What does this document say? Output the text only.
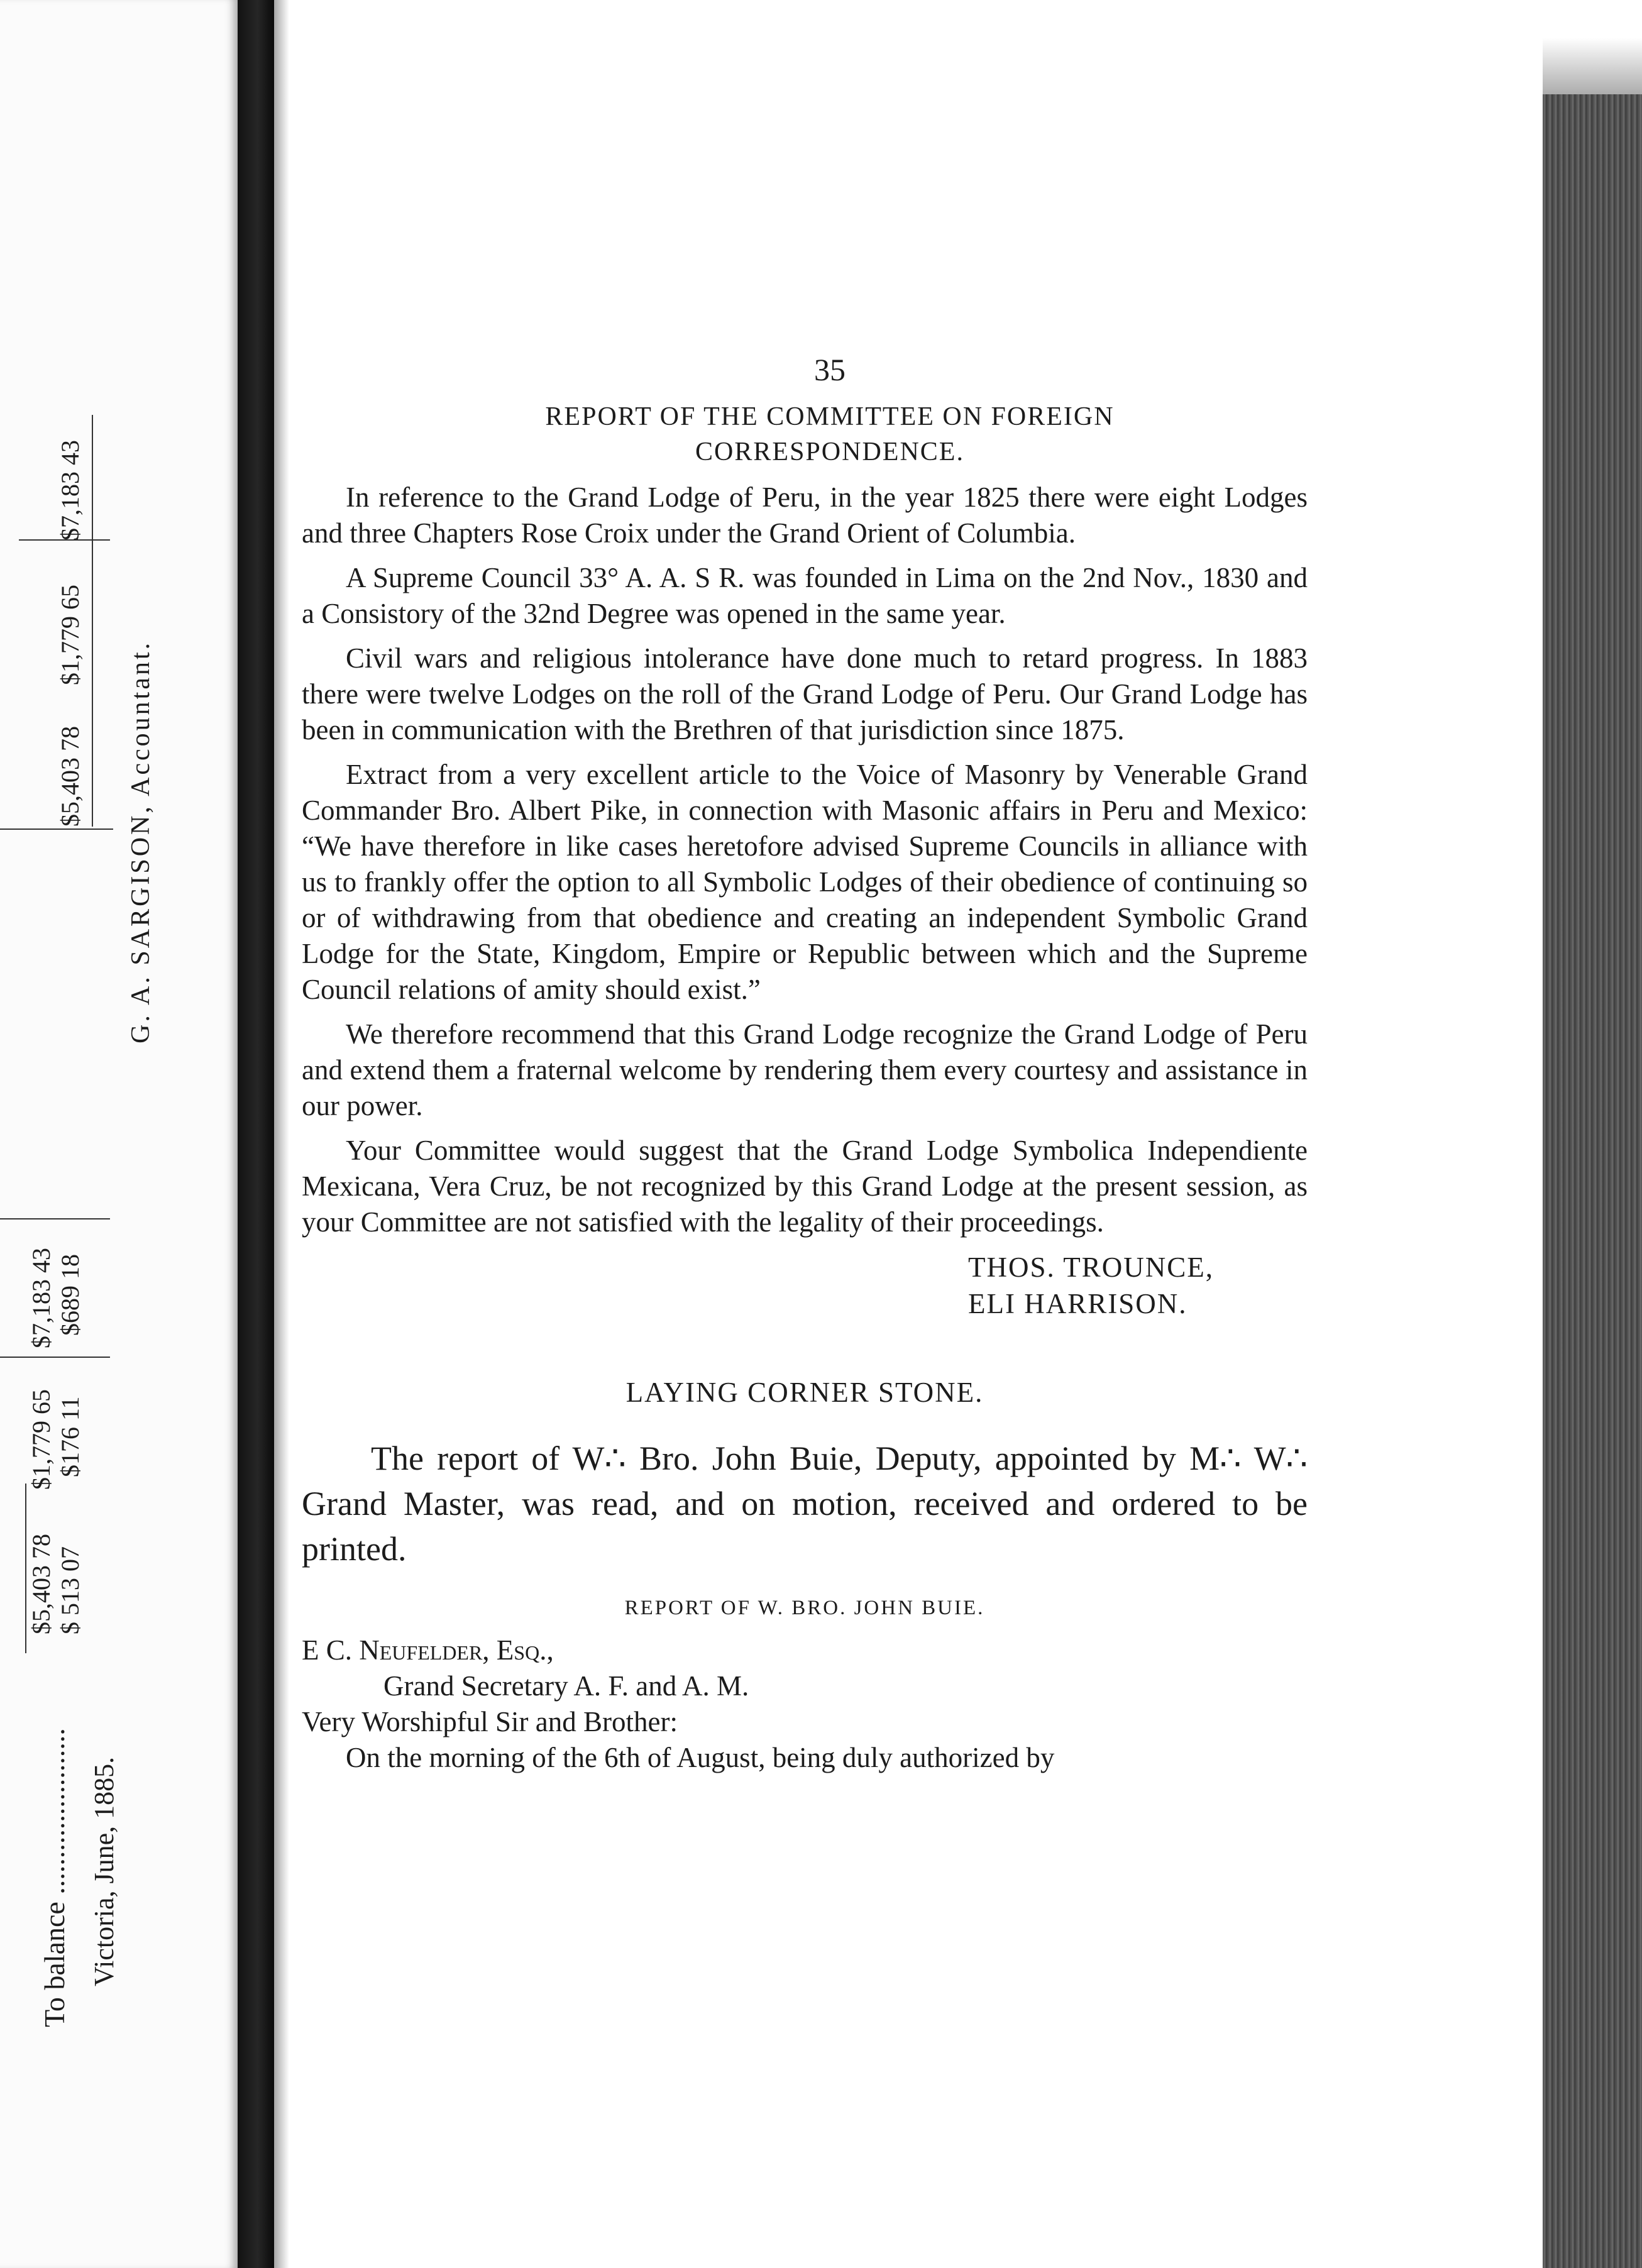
$5,403 78
$1,779 65
$7,183 43
G. A. SARGISON, Accountant.
$5,403 78 $ 513 07
$1,779 65 $176 11
$7,183 43 $689 18
Victoria, June, 1885.
To balance .......................
35
REPORT OF THE COMMITTEE ON FOREIGN CORRESPONDENCE.

In reference to the Grand Lodge of Peru, in the year 1825 there were eight Lodges and three Chapters Rose Croix under the Grand Orient of Columbia.

A Supreme Council 33° A. A. S R. was founded in Lima on the 2nd Nov., 1830 and a Consistory of the 32nd Degree was opened in the same year.

Civil wars and religious intolerance have done much to retard progress. In 1883 there were twelve Lodges on the roll of the Grand Lodge of Peru. Our Grand Lodge has been in communication with the Brethren of that jurisdiction since 1875.

Extract from a very excellent article to the Voice of Masonry by Venerable Grand Commander Bro. Albert Pike, in connection with Masonic affairs in Peru and Mexico: “We have therefore in like cases heretofore advised Supreme Councils in alliance with us to frankly offer the option to all Symbolic Lodges of their obedience of continuing so or of withdrawing from that obedience and creating an independent Symbolic Grand Lodge for the State, Kingdom, Empire or Republic between which and the Supreme Council relations of amity should exist.”

We therefore recommend that this Grand Lodge recognize the Grand Lodge of Peru and extend them a fraternal welcome by rendering them every courtesy and assistance in our power.

Your Committee would suggest that the Grand Lodge Symbolica Independiente Mexicana, Vera Cruz, be not recognized by this Grand Lodge at the present session, as your Committee are not satisfied with the legality of their proceedings.

THOS. TROUNCE,
ELI HARRISON.
LAYING CORNER STONE.

The report of W∴ Bro. John Buie, Deputy, appointed by M∴ W∴ Grand Master, was read, and on motion, received and ordered to be printed.

REPORT OF W. BRO. JOHN BUIE.

E C. Neufelder, Esq.,

Grand Secretary A. F. and A. M.

Very Worshipful Sir and Brother:

On the morning of the 6th of August, being duly authorized by
